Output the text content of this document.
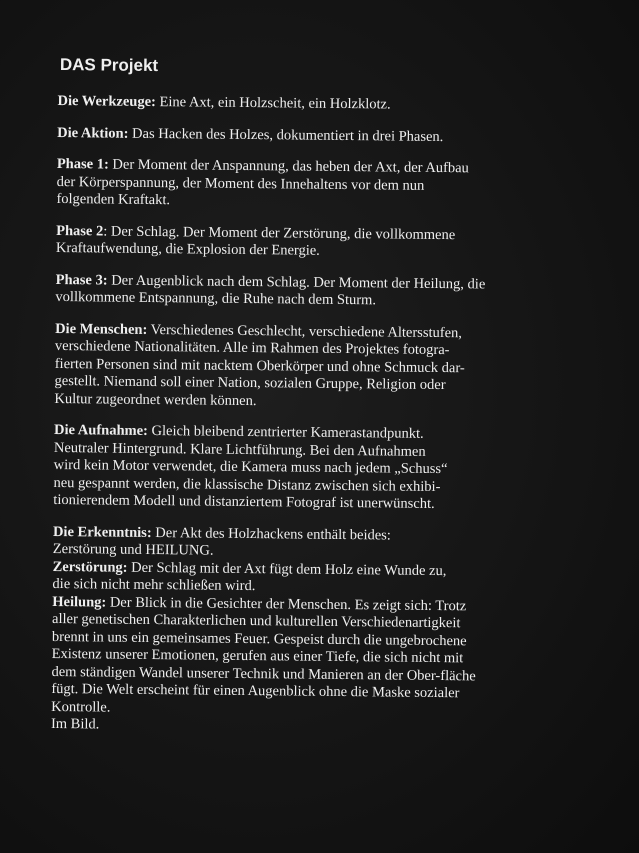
DAS Projekt
Die Werkzeuge: Eine Axt, ein Holzscheit, ein Holzklotz.
Die Aktion: Das Hacken des Holzes, dokumentiert in drei Phasen.
Phase 1: Der Moment der Anspannung, das heben der Axt, der Aufbau
der Körperspannung, der Moment des Innehaltens vor dem nun
folgenden Kraftakt.
Phase 2: Der Schlag. Der Moment der Zerstörung, die vollkommene
Kraftaufwendung, die Explosion der Energie.
Phase 3: Der Augenblick nach dem Schlag. Der Moment der Heilung, die
vollkommene Entspannung, die Ruhe nach dem Sturm.
Die Menschen: Verschiedenes Geschlecht, verschiedene Altersstufen,
verschiedene Nationalitäten. Alle im Rahmen des Projektes fotogra-
fierten Personen sind mit nacktem Oberkörper und ohne Schmuck dar-
gestellt. Niemand soll einer Nation, sozialen Gruppe, Religion oder
Kultur zugeordnet werden können.
Die Aufnahme: Gleich bleibend zentrierter Kamerastandpunkt.
Neutraler Hintergrund. Klare Lichtführung. Bei den Aufnahmen
wird kein Motor verwendet, die Kamera muss nach jedem „Schuss“
neu gespannt werden, die klassische Distanz zwischen sich exhibi-
tionierendem Modell und distanziertem Fotograf ist unerwünscht.
Die Erkenntnis: Der Akt des Holzhackens enthält beides:
Zerstörung und HEILUNG.
Zerstörung: Der Schlag mit der Axt fügt dem Holz eine Wunde zu,
die sich nicht mehr schließen wird.
Heilung: Der Blick in die Gesichter der Menschen. Es zeigt sich: Trotz
aller genetischen Charakterlichen und kulturellen Verschiedenartigkeit
brennt in uns ein gemeinsames Feuer. Gespeist durch die ungebrochene
Existenz unserer Emotionen, gerufen aus einer Tiefe, die sich nicht mit
dem ständigen Wandel unserer Technik und Manieren an der Ober-fläche
fügt. Die Welt erscheint für einen Augenblick ohne die Maske sozialer
Kontrolle.
Im Bild.
